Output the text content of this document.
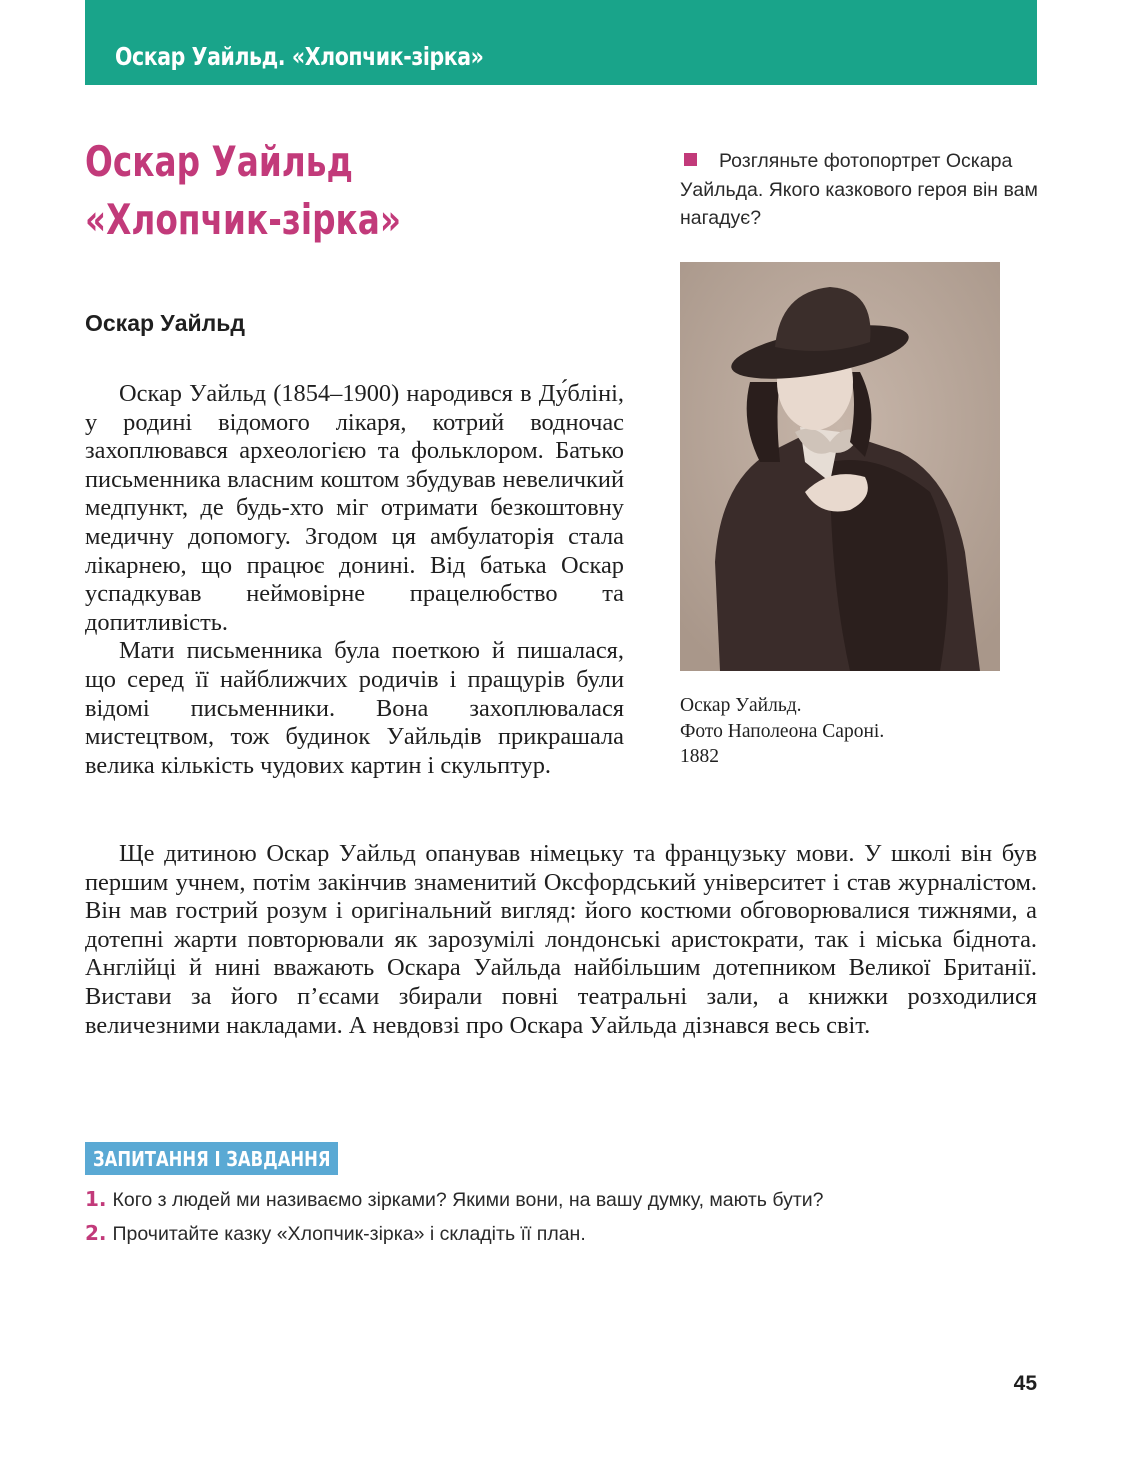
Оскар Уайльд. «Хлопчик-зірка»
Оскар Уайльд
«Хлопчик-зірка»
Оскар Уайльд

Оскар Уайльд (1854–1900) народився в Ду́бліні, у родині відомого лікаря, котрий водночас захоплювався археологією та фольклором. Батько письменника власним коштом збудував невеличкий медпункт, де будь-хто міг отримати безкоштовну медичну допомогу. Згодом ця амбулаторія стала лікарнею, що працює донині. Від батька Оскар успадкував неймовірне працелюбство та допитливість.

Мати письменника була поеткою й пишалася, що серед її найближчих родичів і пращурів були відомі письменники. Вона захоплювалася мистецтвом, тож будинок Уайльдів прикрашала велика кількість чудових картин і скульптур.

Ще дитиною Оскар Уайльд опанував німецьку та французьку мови. У школі він був першим учнем, потім закінчив знаменитий Оксфордський університет і став журналістом. Він мав гострий розум і оригінальний вигляд: його костюми обговорювалися тижнями, а дотепні жарти повторювали як зарозумілі лондонські аристократи, так і міська біднота. Англійці й нині вважають Оскара Уайльда найбільшим дотепником Великої Британії. Вистави за його п’єсами збирали повні театральні зали, а книжки розходилися величезними накладами. А невдовзі про Оскара Уайльда дізнався весь світ.

Розгляньте фотопортрет Оскара Уайльда. Якого казкового героя він вам нагадує?
Оскар Уайльд.
Фото Наполеона Сароні.
1882
ЗАПИТАННЯ І ЗАВДАННЯ
1. Кого з людей ми називаємо зірками? Якими вони, на вашу думку, мають бути?
2. Прочитайте казку «Хлопчик-зірка» і складіть її план.
45
